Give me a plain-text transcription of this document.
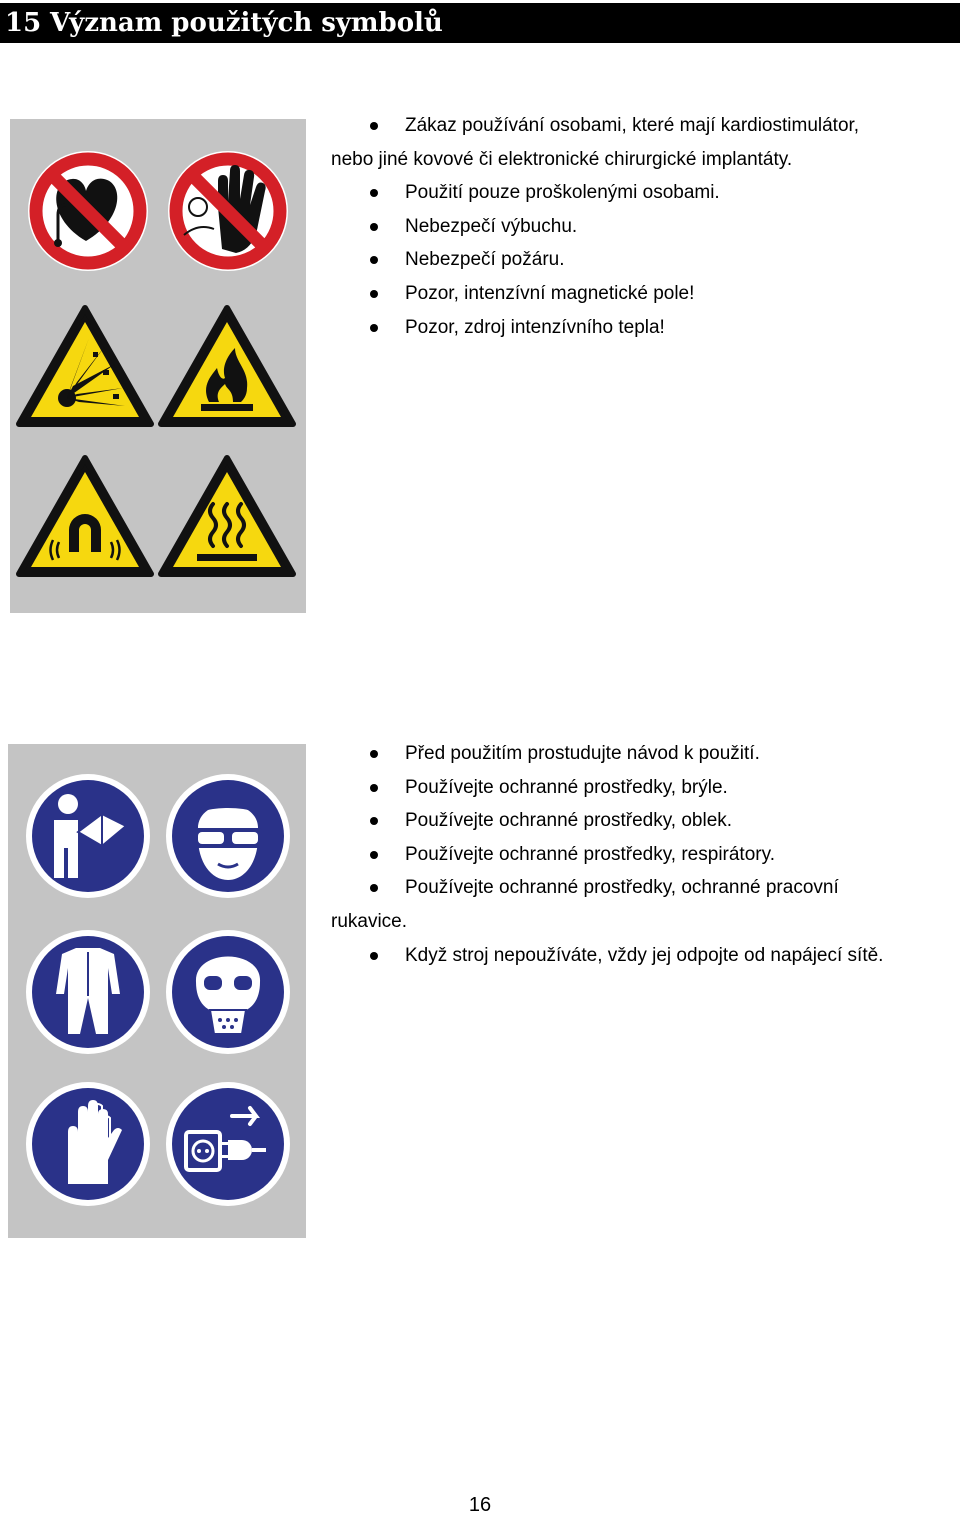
15 Význam použitých symbolů
Zákaz používání osobami, které mají kardiostimulátor,
nebo jiné kovové či elektronické chirurgické implantáty.
Použití pouze proškolenými osobami.
Nebezpečí výbuchu.
Nebezpečí požáru.
Pozor, intenzívní magnetické pole!
Pozor, zdroj intenzívního tepla!
Před použitím prostudujte návod k použití.
Používejte ochranné prostředky, brýle.
Používejte ochranné prostředky, oblek.
Používejte ochranné prostředky, respirátory.
Používejte ochranné prostředky, ochranné pracovní
rukavice.
Když stroj nepoužíváte, vždy jej odpojte od napájecí sítě.
16
